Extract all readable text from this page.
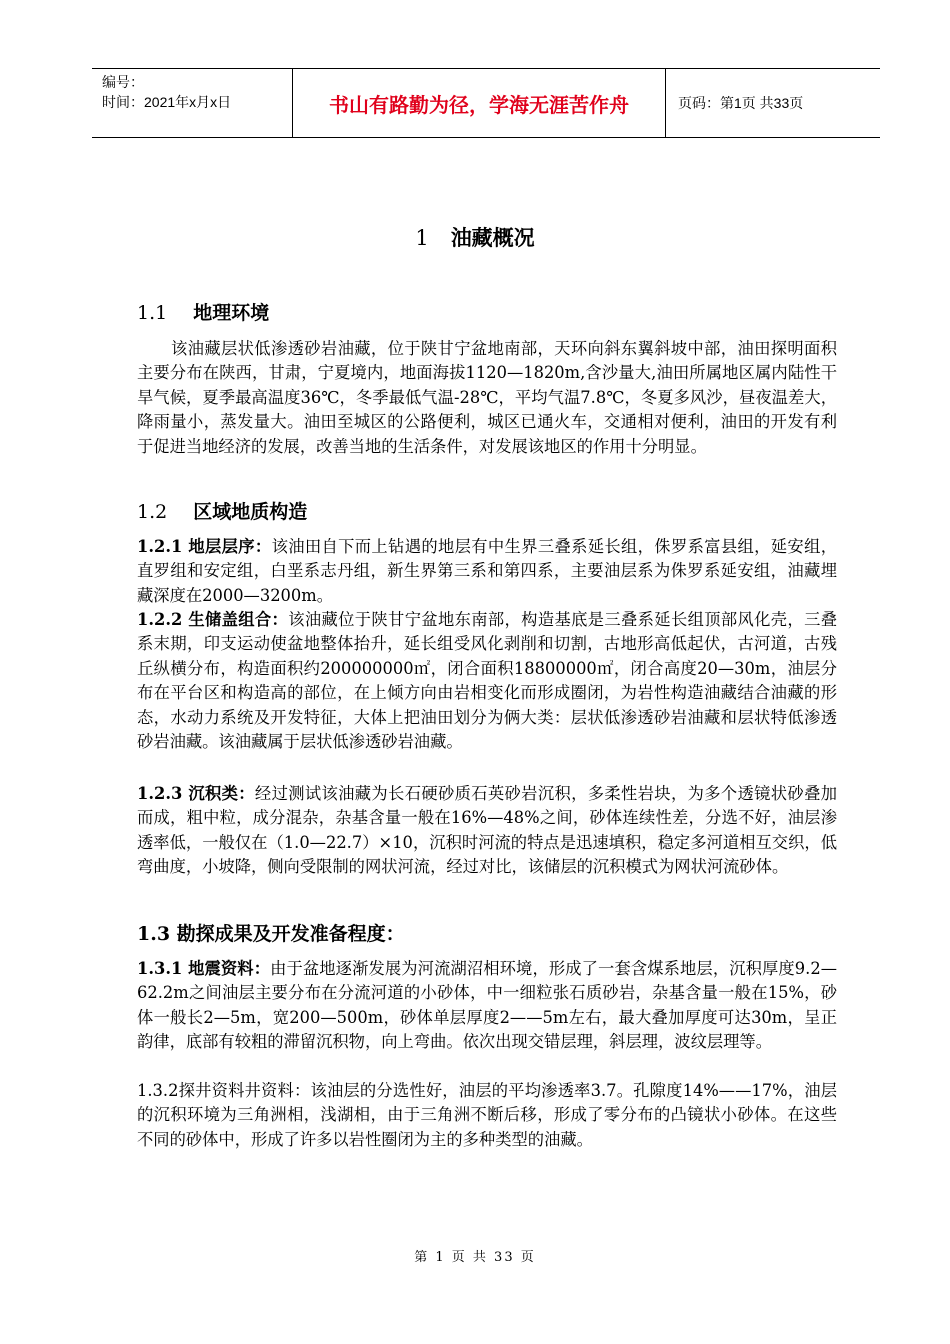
编号：
时间：2021年x月x日	书山有路勤为径，学海无涯苦作舟	页码：第1页 共33页
1 油藏概况
1.1 地理环境
该油藏层状低渗透砂岩油藏，位于陕甘宁盆地南部，天环向斜东翼斜坡中部，油田探明面积主要分布在陕西，甘肃，宁夏境内，地面海拔1120—1820m,含沙量大,油田所属地区属内陆性干旱气候，夏季最高温度36℃，冬季最低气温-28℃，平均气温7.8℃，冬夏多风沙，昼夜温差大，降雨量小，蒸发量大。油田至城区的公路便利，城区已通火车，交通相对便利，油田的开发有利于促进当地经济的发展，改善当地的生活条件，对发展该地区的作用十分明显。
1.2 区域地质构造
1.2.1 地层层序：该油田自下而上钻遇的地层有中生界三叠系延长组，侏罗系富县组，延安组，直罗组和安定组，白垩系志丹组，新生界第三系和第四系，主要油层系为侏罗系延安组，油藏埋藏深度在2000—3200m。
1.2.2 生储盖组合：该油藏位于陕甘宁盆地东南部，构造基底是三叠系延长组顶部风化壳，三叠系末期，印支运动使盆地整体抬升，延长组受风化剥削和切割，古地形高低起伏，古河道，古残丘纵横分布，构造面积约200000000㎡，闭合面积18800000㎡，闭合高度20—30m，油层分布在平台区和构造高的部位，在上倾方向由岩相变化而形成圈闭，为岩性构造油藏结合油藏的形态，水动力系统及开发特征，大体上把油田划分为俩大类：层状低渗透砂岩油藏和层状特低渗透砂岩油藏。该油藏属于层状低渗透砂岩油藏。
1.2.3 沉积类：经过测试该油藏为长石硬砂质石英砂岩沉积，多柔性岩块，为多个透镜状砂叠加而成，粗中粒，成分混杂，杂基含量一般在16%—48%之间，砂体连续性差，分选不好，油层渗透率低，一般仅在（1.0—22.7）×10，沉积时河流的特点是迅速填积，稳定多河道相互交织，低弯曲度，小坡降，侧向受限制的网状河流，经过对比，该储层的沉积模式为网状河流砂体。
1.3 勘探成果及开发准备程度：
1.3.1 地震资料：由于盆地逐渐发展为河流湖沼相环境，形成了一套含煤系地层，沉积厚度9.2—62.2m之间油层主要分布在分流河道的小砂体，中一细粒张石质砂岩，杂基含量一般在15%，砂体一般长2—5m，宽200—500m，砂体单层厚度2——5m左右，最大叠加厚度可达30m，呈正韵律，底部有较粗的滞留沉积物，向上弯曲。依次出现交错层理，斜层理，波纹层理等。
1.3.2探井资料井资料：该油层的分选性好，油层的平均渗透率3.7。孔隙度14%——17%，油层的沉积环境为三角洲相，浅湖相，由于三角洲不断后移，形成了零分布的凸镜状小砂体。在这些不同的砂体中，形成了许多以岩性圈闭为主的多种类型的油藏。
第 1 页 共 33 页
